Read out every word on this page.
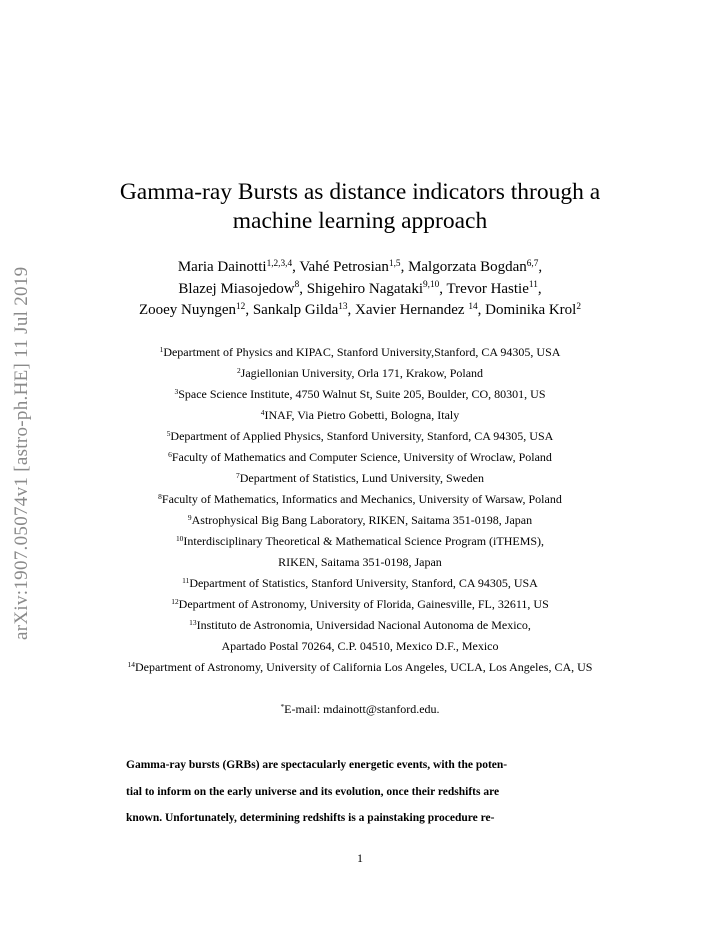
arXiv:1907.05074v1 [astro-ph.HE] 11 Jul 2019
Gamma-ray Bursts as distance indicators through a
machine learning approach
Maria Dainotti$^{1,2,3,4}$, Vahé Petrosian$^{1,5}$, Malgorzata Bogdan$^{6,7}$,
Blazej Miasojedow$^8$, Shigehiro Nagataki$^{9,10}$, Trevor Hastie$^{11}$,
Zooey Nuyngen$^{12}$, Sankalp Gilda$^{13}$, Xavier Hernandez $^{14}$, Dominika Krol$^2$
$^1$Department of Physics and KIPAC, Stanford University,Stanford, CA 94305, USA
$^2$Jagiellonian University, Orla 171, Krakow, Poland
$^3$Space Science Institute, 4750 Walnut St, Suite 205, Boulder, CO, 80301, US
$^4$INAF, Via Pietro Gobetti, Bologna, Italy
$^5$Department of Applied Physics, Stanford University, Stanford, CA 94305, USA
$^6$Faculty of Mathematics and Computer Science, University of Wroclaw, Poland
$^7$Department of Statistics, Lund University, Sweden
$^8$Faculty of Mathematics, Informatics and Mechanics, University of Warsaw, Poland
$^9$Astrophysical Big Bang Laboratory, RIKEN, Saitama 351-0198, Japan
$^{10}$Interdisciplinary Theoretical & Mathematical Science Program (iTHEMS),
RIKEN, Saitama 351-0198, Japan
$^{11}$Department of Statistics, Stanford University, Stanford, CA 94305, USA
$^{12}$Department of Astronomy, University of Florida, Gainesville, FL, 32611, US
$^{13}$Instituto de Astronomia, Universidad Nacional Autonoma de Mexico,
Apartado Postal 70264, C.P. 04510, Mexico D.F., Mexico
$^{14}$Department of Astronomy, University of California Los Angeles, UCLA, Los Angeles, CA, US
*E-mail: mdainott@stanford.edu.
Gamma-ray bursts (GRBs) are spectacularly energetic events, with the poten-
tial to inform on the early universe and its evolution, once their redshifts are
known. Unfortunately, determining redshifts is a painstaking procedure re-
1
